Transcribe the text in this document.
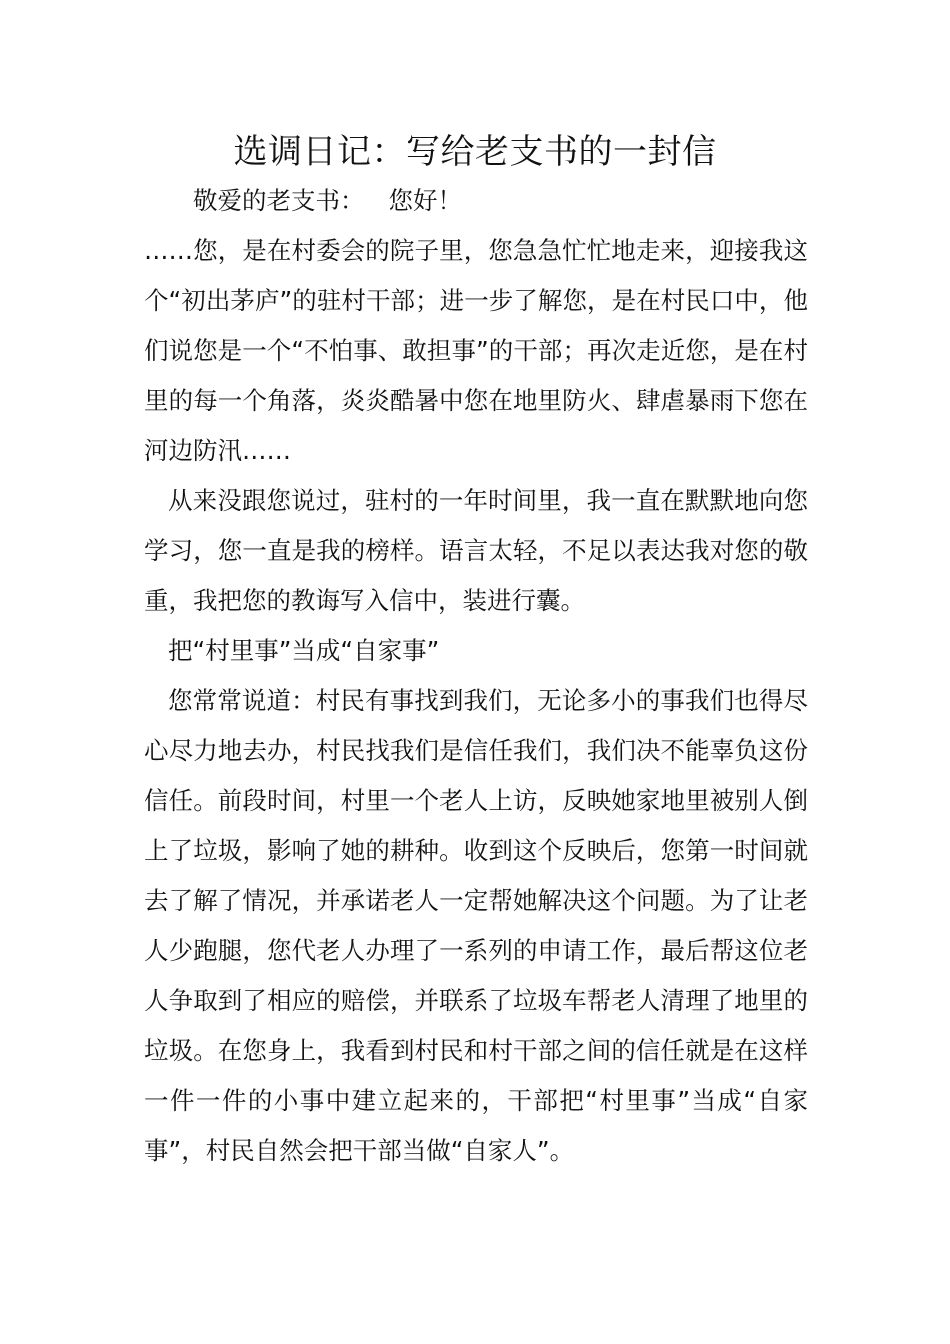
选调日记：写给老支书的一封信

敬爱的老支书： 您好！

……您，是在村委会的院子里，您急急忙忙地走来，迎接我这个“初出茅庐”的驻村干部；进一步了解您，是在村民口中，他们说您是一个“不怕事、敢担事”的干部；再次走近您，是在村里的每一个角落，炎炎酷暑中您在地里防火、肆虐暴雨下您在河边防汛……

从来没跟您说过，驻村的一年时间里，我一直在默默地向您学习，您一直是我的榜样。语言太轻，不足以表达我对您的敬重，我把您的教诲写入信中，装进行囊。

把“村里事”当成“自家事”

您常常说道：村民有事找到我们，无论多小的事我们也得尽心尽力地去办，村民找我们是信任我们，我们决不能辜负这份信任。前段时间，村里一个老人上访，反映她家地里被别人倒上了垃圾，影响了她的耕种。收到这个反映后，您第一时间就去了解了情况，并承诺老人一定帮她解决这个问题。为了让老人少跑腿，您代老人办理了一系列的申请工作，最后帮这位老人争取到了相应的赔偿，并联系了垃圾车帮老人清理了地里的垃圾。在您身上，我看到村民和村干部之间的信任就是在这样一件一件的小事中建立起来的，干部把“村里事”当成“自家事”，村民自然会把干部当做“自家人”。
